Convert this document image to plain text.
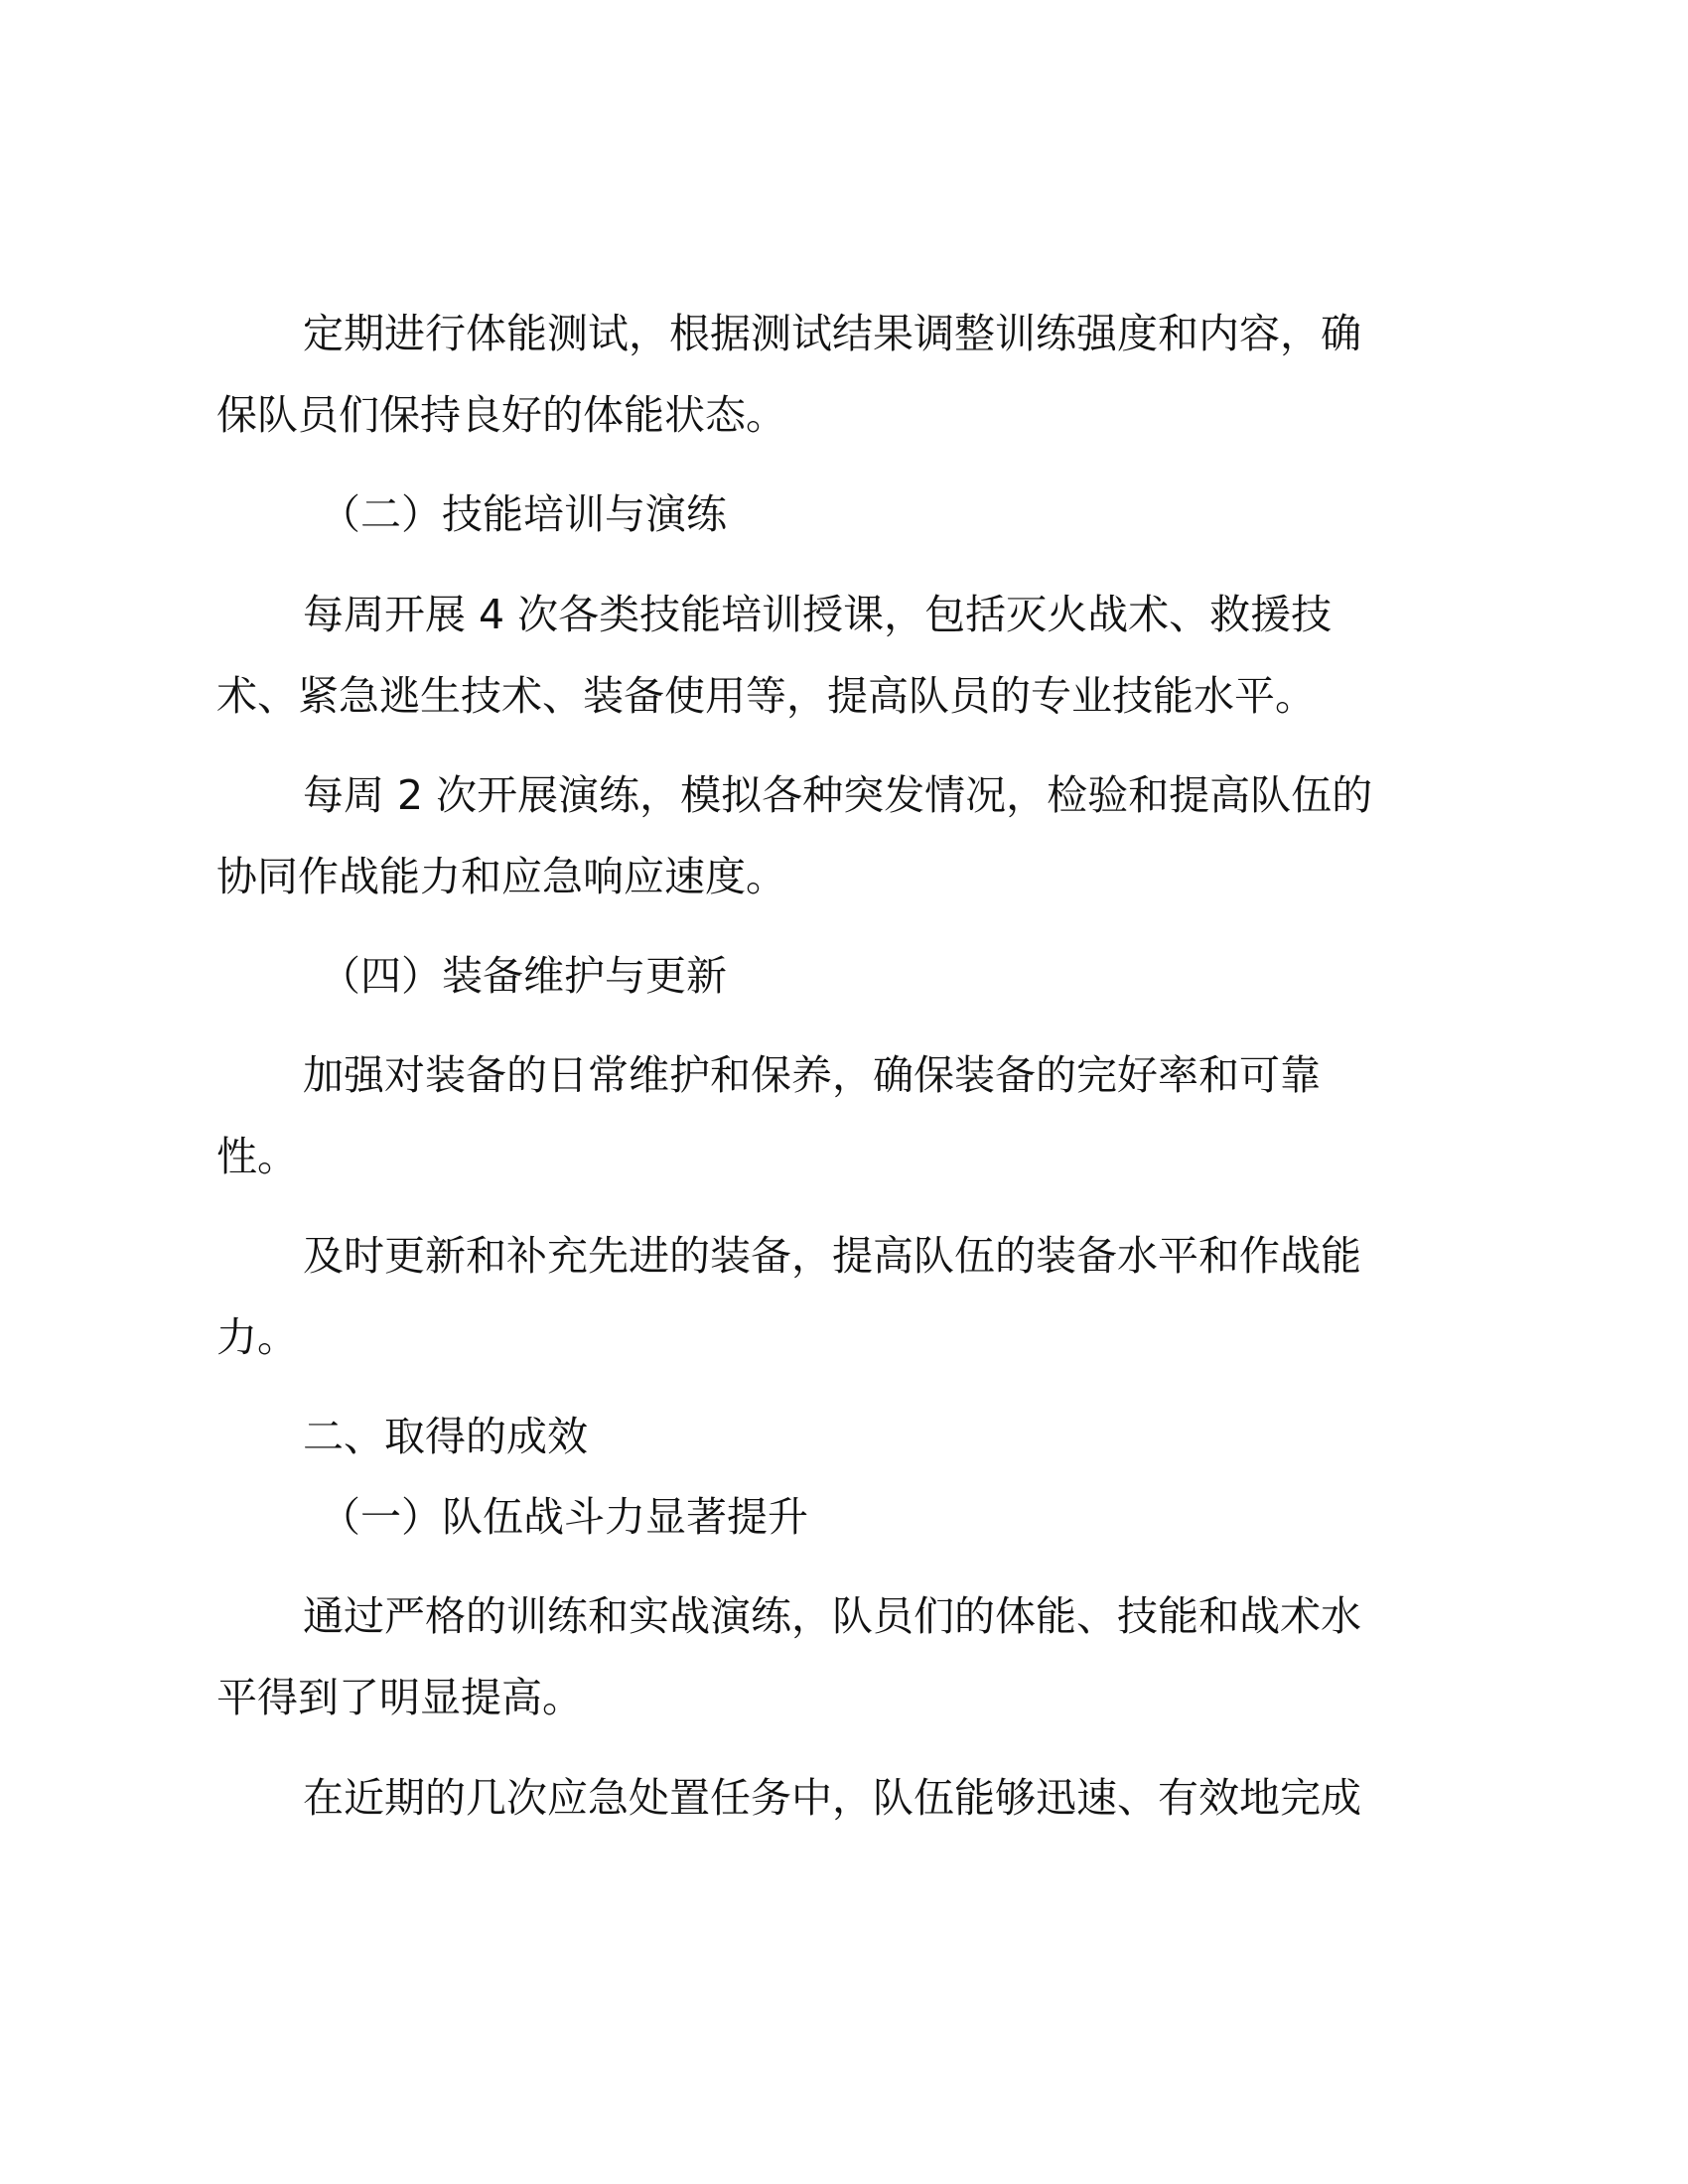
定期进行体能测试，根据测试结果调整训练强度和内容，确
保队员们保持良好的体能状态。
（二）技能培训与演练
每周开展 4 次各类技能培训授课，包括灭火战术、救援技
术、紧急逃生技术、装备使用等，提高队员的专业技能水平。
每周 2 次开展演练，模拟各种突发情况，检验和提高队伍的
协同作战能力和应急响应速度。
（四）装备维护与更新
加强对装备的日常维护和保养，确保装备的完好率和可靠
性。
及时更新和补充先进的装备，提高队伍的装备水平和作战能
力。
二、取得的成效
（一）队伍战斗力显著提升
通过严格的训练和实战演练，队员们的体能、技能和战术水
平得到了明显提高。
在近期的几次应急处置任务中，队伍能够迅速、有效地完成
